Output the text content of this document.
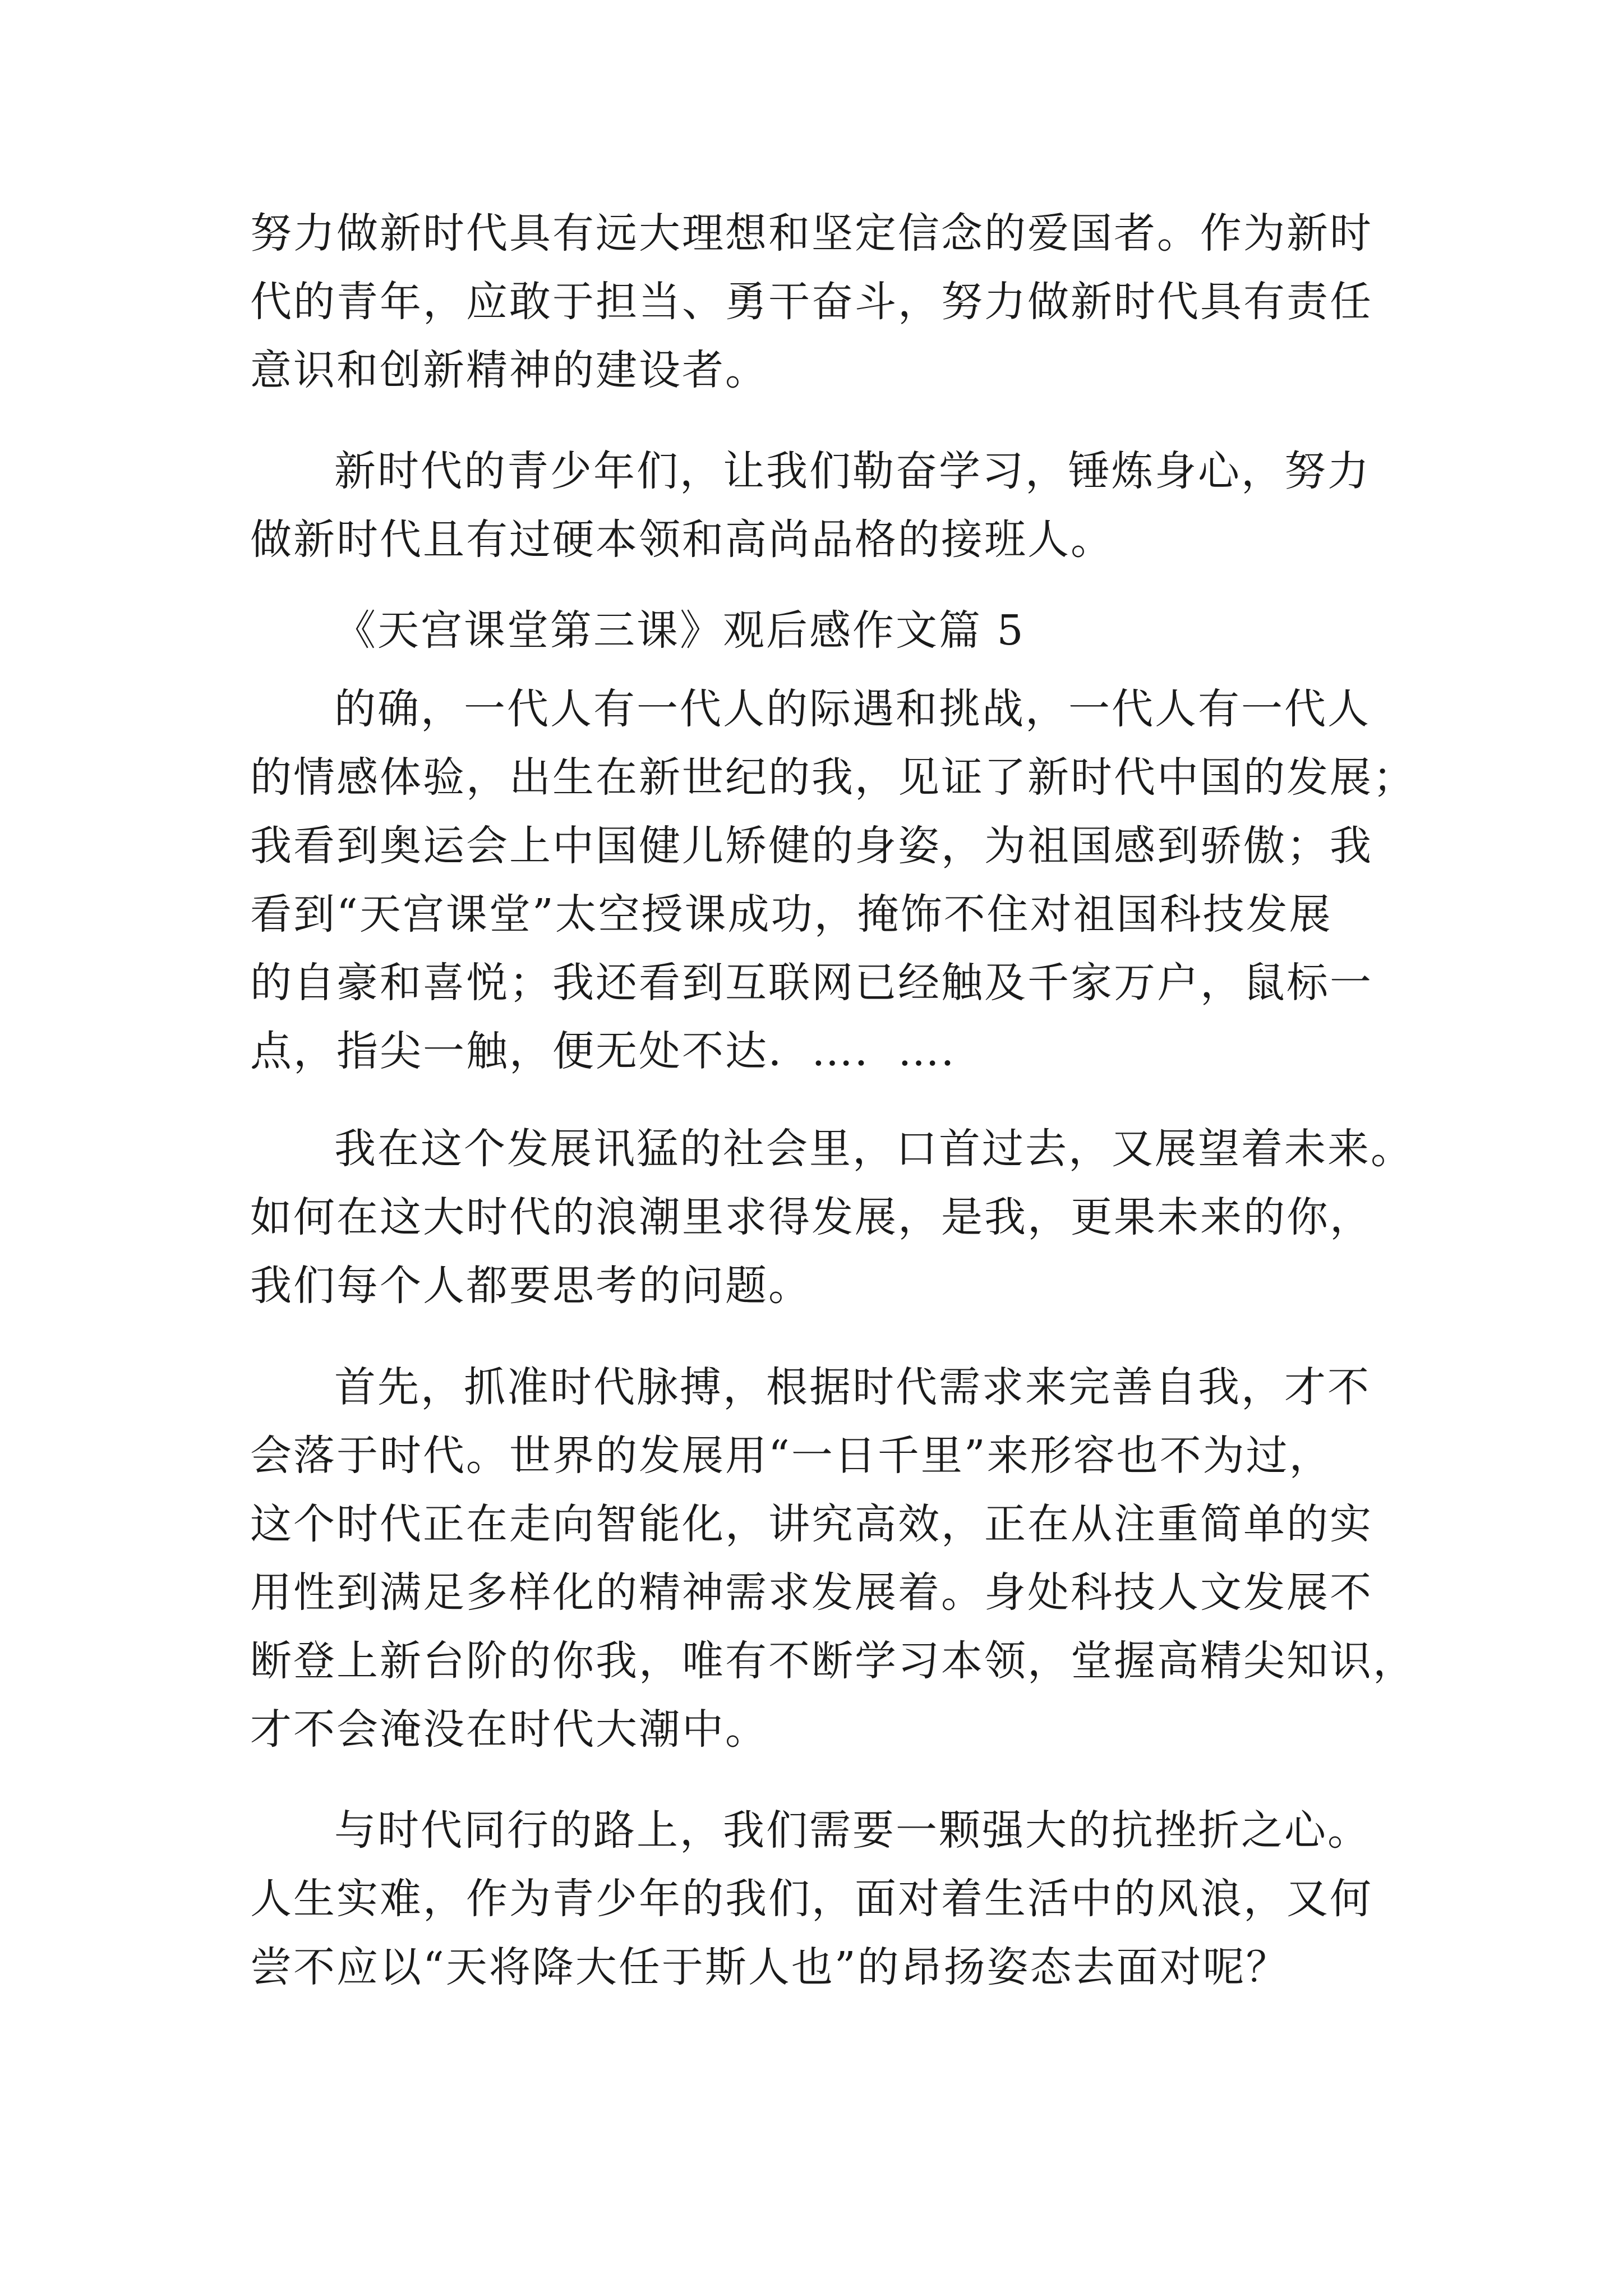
努力做新时代具有远大理想和坚定信念的爱国者。作为新时
代的青年，应敢于担当、勇干奋斗，努力做新时代具有责任
意识和创新精神的建设者。
新时代的青少年们，让我们勒奋学习，锤炼身心，努力
做新时代且有过硬本领和高尚品格的接班人。
《天宫课堂第三课》观后感作文篇 5
的确，一代人有一代人的际遇和挑战，一代人有一代人
的情感体验，出生在新世纪的我，见证了新时代中国的发展；
我看到奥运会上中国健儿矫健的身姿，为祖国感到骄傲；我
看到“天宫课堂”太空授课成功，掩饰不住对祖国科技发展
的自豪和喜悦；我还看到互联网已经触及千家万户，鼠标一
点，指尖一触，便无处不达．…．…．
我在这个发展讯猛的社会里，口首过去，又展望着未来。
如何在这大时代的浪潮里求得发展，是我，更果未来的你，
我们每个人都要思考的问题。
首先，抓准时代脉搏，根据时代需求来完善自我，才不
会落于时代。世界的发展用“一日千里”来形容也不为过，
这个时代正在走向智能化，讲究高效，正在从注重简单的实
用性到满足多样化的精神需求发展着。身处科技人文发展不
断登上新台阶的你我，唯有不断学习本领，堂握高精尖知识，
才不会淹没在时代大潮中。
与时代同行的路上，我们需要一颗强大的抗挫折之心。
人生实难，作为青少年的我们，面对着生活中的风浪，又何
尝不应以“天将降大任于斯人也”的昂扬姿态去面对呢？
